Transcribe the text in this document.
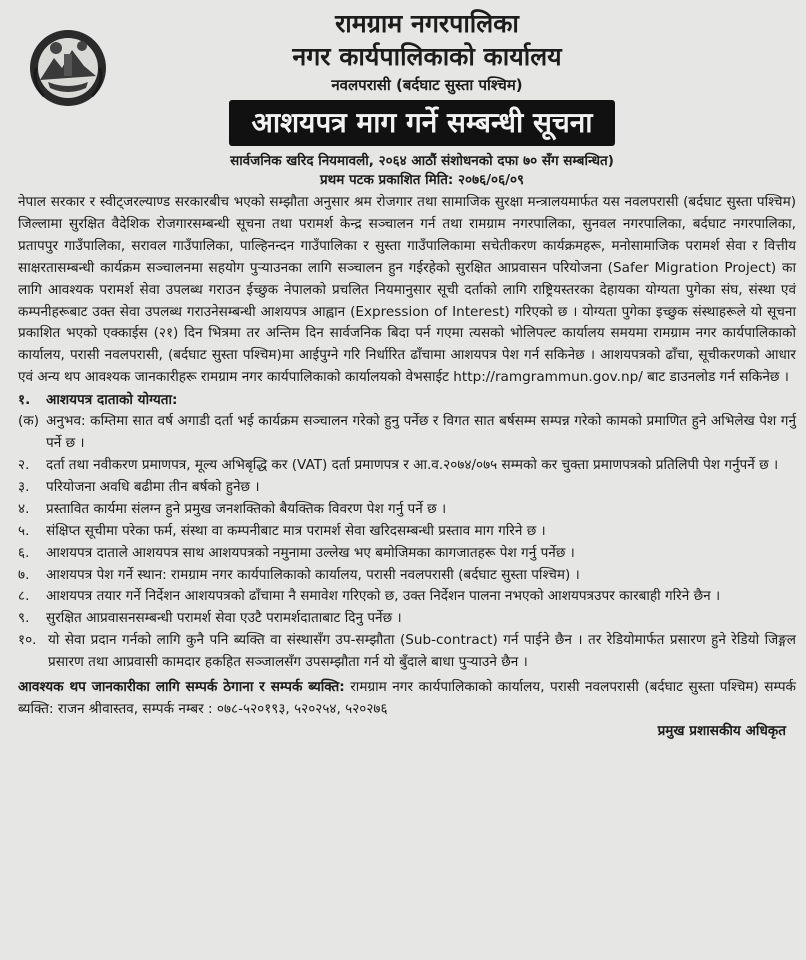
रामग्राम नगरपालिका
नगर कार्यपालिकाको कार्यालय
नवलपरासी (बर्दघाट सुस्ता पश्चिम)
आशयपत्र माग गर्ने सम्बन्धी सूचना
सार्वजनिक खरिद नियमावली, २०६४ आठौं संशोधनको दफा ७० सँग सम्बन्धित)
प्रथम पटक प्रकाशित मिति: २०७६/०६/०९
नेपाल सरकार र स्वीट्जरल्याण्ड सरकारबीच भएको सम्झौता अनुसार श्रम रोजगार तथा सामाजिक सुरक्षा मन्त्रालयमार्फत यस नवलपरासी (बर्दघाट सुस्ता पश्चिम) जिल्लामा सुरक्षित वैदेशिक रोजगारसम्बन्धी सूचना तथा परामर्श केन्द्र सञ्चालन गर्न तथा रामग्राम नगरपालिका, सुनवल नगरपालिका, बर्दघाट नगरपालिका, प्रतापपुर गाउँपालिका, सरावल गाउँपालिका, पाल्हिनन्दन गाउँपालिका र सुस्ता गाउँपालिकामा सचेतीकरण कार्यक्रमहरू, मनोसामाजिक परामर्श सेवा र वित्तीय साक्षरतासम्बन्धी कार्यक्रम सञ्चालनमा सहयोग पुर्‍याउनका लागि सञ्चालन हुन गईरहेको सुरक्षित आप्रवासन परियोजना (Safer Migration Project) का लागि आवश्यक परामर्श सेवा उपलब्ध गराउन ईच्छुक नेपालको प्रचलित नियमानुसार सूची दर्ताको लागि राष्ट्रियस्तरका देहायका योग्यता पुगेका संघ, संस्था एवं कम्पनीहरूबाट उक्त सेवा उपलब्ध गराउनेसम्बन्धी आशयपत्र आह्वान (Expression of Interest) गरिएको छ । योग्यता पुगेका इच्छुक संस्थाहरूले यो सूचना प्रकाशित भएको एक्काईस (२१) दिन भित्रमा तर अन्तिम दिन सार्वजनिक बिदा पर्न गएमा त्यसको भोलिपल्ट कार्यालय समयमा रामग्राम नगर कार्यपालिकाको कार्यालय, परासी नवलपरासी, (बर्दघाट सुस्ता पश्चिम)मा आईपुग्ने गरि निर्धारित ढाँचामा आशयपत्र पेश गर्न सकिनेछ । आशयपत्रको ढाँचा, सूचीकरणको आधार एवं अन्य थप आवश्यक जानकारीहरू रामग्राम नगर कार्यपालिकाको कार्यालयको वेभसाईट http://ramgrammun.gov.np/ बाट डाउनलोड गर्न सकिनेछ ।
१.	आशयपत्र दाताको योग्यता:
(क) अनुभव: कम्तिमा सात वर्ष अगाडी दर्ता भई कार्यक्रम सञ्चालन गरेको हुनु पर्नेछ र विगत सात बर्षसम्म सम्पन्न गरेको कामको प्रमाणित हुने अभिलेख पेश गर्नु पर्ने छ ।
२.	दर्ता तथा नवीकरण प्रमाणपत्र, मूल्य अभिबृद्धि कर (VAT) दर्ता प्रमाणपत्र र आ.व.२०७४/०७५ सम्मको कर चुक्ता प्रमाणपत्रको प्रतिलिपी पेश गर्नुपर्ने छ ।
३.	परियोजना अवधि बढीमा तीन बर्षको हुनेछ ।
४.	प्रस्तावित कार्यमा संलग्न हुने प्रमुख जनशक्तिको बैयक्तिक विवरण पेश गर्नु पर्ने छ ।
५.	संक्षिप्त सूचीमा परेका फर्म, संस्था वा कम्पनीबाट मात्र परामर्श सेवा खरिदसम्बन्धी प्रस्ताव माग गरिने छ ।
६.	आशयपत्र दाताले आशयपत्र साथ आशयपत्रको नमुनामा उल्लेख भए बमोजिमका कागजातहरू पेश गर्नु पर्नेछ ।
७.	आशयपत्र पेश गर्ने स्थान: रामग्राम नगर कार्यपालिकाको कार्यालय, परासी नवलपरासी (बर्दघाट सुस्ता पश्चिम) ।
८.	आशयपत्र तयार गर्ने निर्देशन आशयपत्रको ढाँचामा नै समावेश गरिएको छ, उक्त निर्देशन पालना नभएको आशयपत्रउपर कारबाही गरिने छैन ।
९.	सुरक्षित आप्रवासनसम्बन्धी परामर्श सेवा एउटै परामर्शदाताबाट दिनु पर्नेछ ।
१०. यो सेवा प्रदान गर्नको लागि कुनै पनि ब्यक्ति वा संस्थासँग उप-सम्झौता (Sub-contract) गर्न पाईने छैन । तर रेडियोमार्फत प्रसारण हुने रेडियो जिङ्गल प्रसारण तथा आप्रवासी कामदार हकहित सञ्जालसँग उपसम्झौता गर्न यो बुँदाले बाधा पुर्‍याउने छैन ।
आवश्यक थप जानकारीका लागि सम्पर्क ठेगाना र सम्पर्क ब्यक्ति: रामग्राम नगर कार्यपालिकाको कार्यालय, परासी नवलपरासी (बर्दघाट सुस्ता पश्चिम) सम्पर्क ब्यक्ति: राजन श्रीवास्तव, सम्पर्क नम्बर : ०७८-५२०१९३, ५२०२५४, ५२०२७६
प्रमुख प्रशासकीय अधिकृत
